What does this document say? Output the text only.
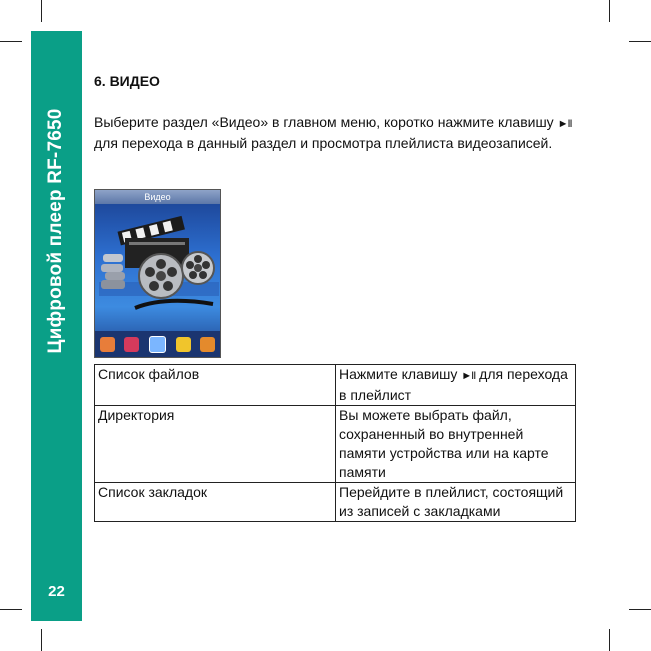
Цифровой плеер RF-7650
22
6. ВИДЕО
Выберите раздел «Видео» в главном меню, коротко нажмите клавишу ►II для перехода в данный раздел и просмотра плейлиста видеозаписей.
Видео
Список файлов	Нажмите клавишу ►II для перехода в плейлист
Директория	Вы можете выбрать файл, сохраненный во внутренней памяти устройства или на карте памяти
Список закладок	Перейдите в плейлист, состоящий из записей с закладками
